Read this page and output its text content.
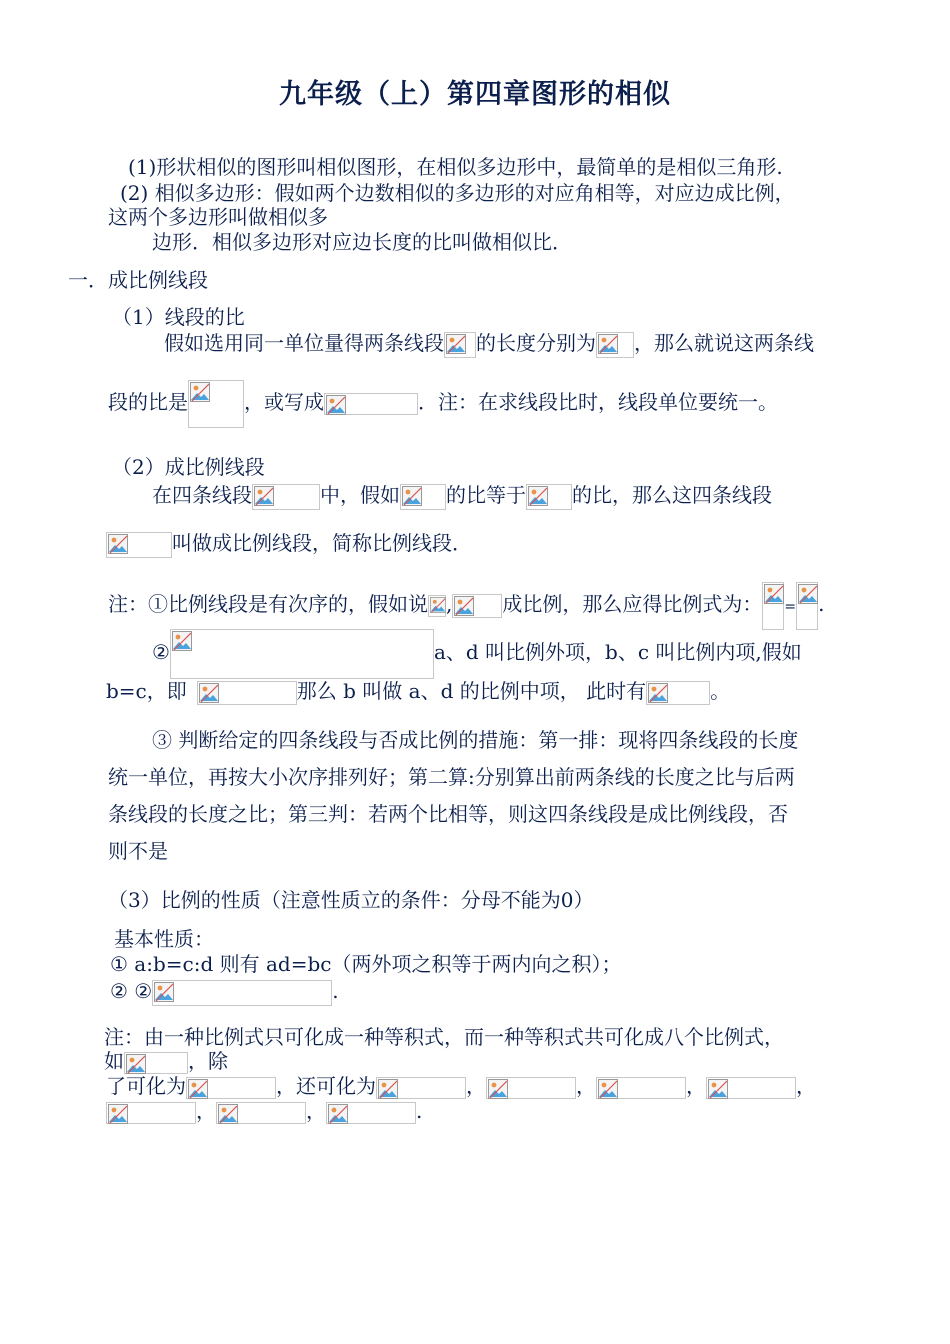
九年级（上）第四章图形的相似
(1)形状相似的图形叫相似图形，在相似多边形中，最简单的是相似三角形.
(2) 相似多边形：假如两个边数相似的多边形的对应角相等，对应边成比例，
这两个多边形叫做相似多
边形．相似多边形对应边长度的比叫做相似比．
一．成比例线段
（1）线段的比
假如选用同一单位量得两条线段 的长度分别为 ，那么就说这两条线
段的比是	，或写成	．注：在求线段比时，线段单位要统一。
（2）成比例线段
在四条线段	中，假如 的比等于 的比，那么这四条线段
叫做成比例线段，简称比例线段．
注：①比例线段是有次序的，假如说 ,	成比例，那么应得比例式为： = .
②	a、d 叫比例外项，b、c 叫比例内项,假如
b=c，即	那么 b 叫做 a、d 的比例中项， 此时有	。
③ 判断给定的四条线段与否成比例的措施：第一排：现将四条线段的长度
统一单位，再按大小次序排列好；第二算:分别算出前两条线的长度之比与后两
条线段的长度之比；第三判：若两个比相等，则这四条线段是成比例线段，否
则不是
（3）比例的性质（注意性质立的条件：分母不能为0）
基本性质：
① a:b=c:d 则有 ad=bc（两外项之积等于两内向之积）；
② ②	.
注：由一种比例式只可化成一种等积式，而一种等积式共可化成八个比例式，
如	，除
了可化为	，还可化为	，	，	，	，
，	，	.
